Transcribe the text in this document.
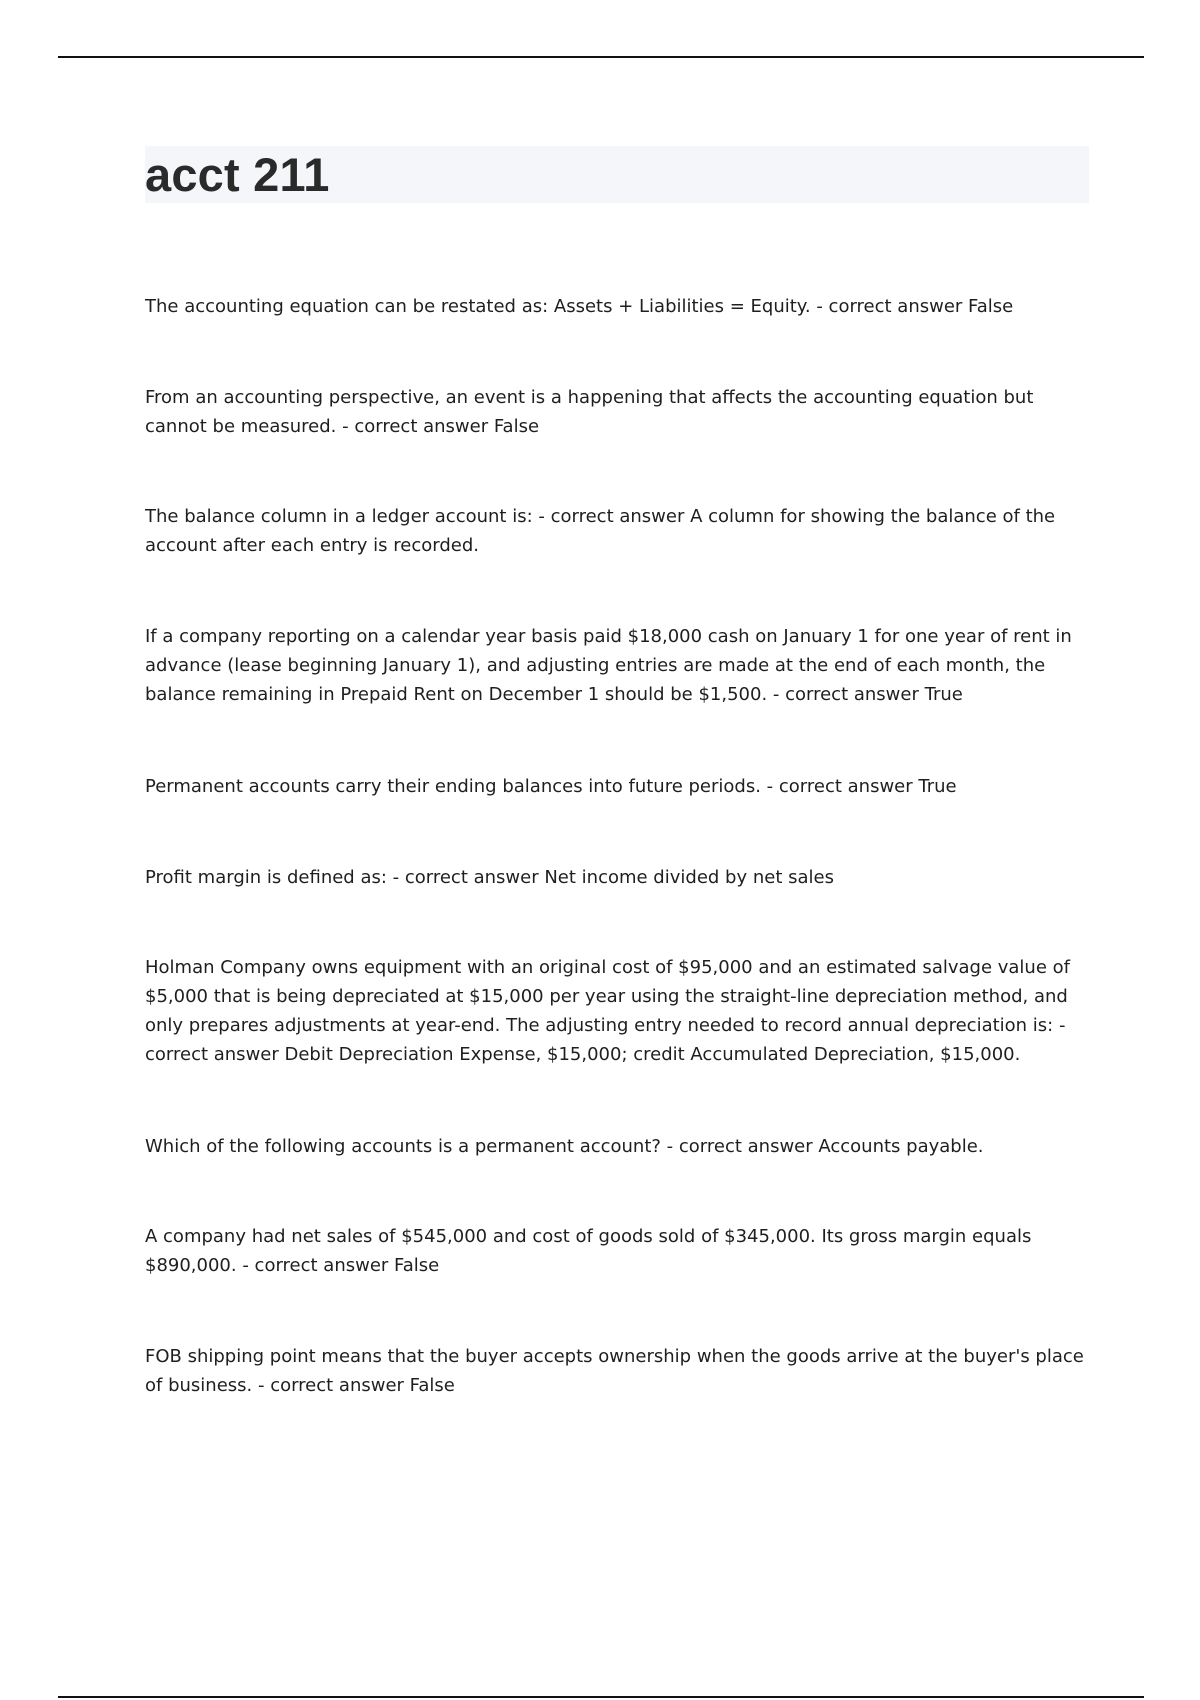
acct 211
The accounting equation can be restated as: Assets + Liabilities = Equity. - correct answer False
From an accounting perspective, an event is a happening that affects the accounting equation but cannot be measured. - correct answer False
The balance column in a ledger account is: - correct answer A column for showing the balance of the account after each entry is recorded.
If a company reporting on a calendar year basis paid $18,000 cash on January 1 for one year of rent in advance (lease beginning January 1), and adjusting entries are made at the end of each month, the balance remaining in Prepaid Rent on December 1 should be $1,500. - correct answer True
Permanent accounts carry their ending balances into future periods. - correct answer True
Profit margin is defined as: - correct answer Net income divided by net sales
Holman Company owns equipment with an original cost of $95,000 and an estimated salvage value of $5,000 that is being depreciated at $15,000 per year using the straight-line depreciation method, and only prepares adjustments at year-end. The adjusting entry needed to record annual depreciation is: - correct answer Debit Depreciation Expense, $15,000; credit Accumulated Depreciation, $15,000.
Which of the following accounts is a permanent account? - correct answer Accounts payable.
A company had net sales of $545,000 and cost of goods sold of $345,000. Its gross margin equals $890,000. - correct answer False
FOB shipping point means that the buyer accepts ownership when the goods arrive at the buyer's place of business. - correct answer False
